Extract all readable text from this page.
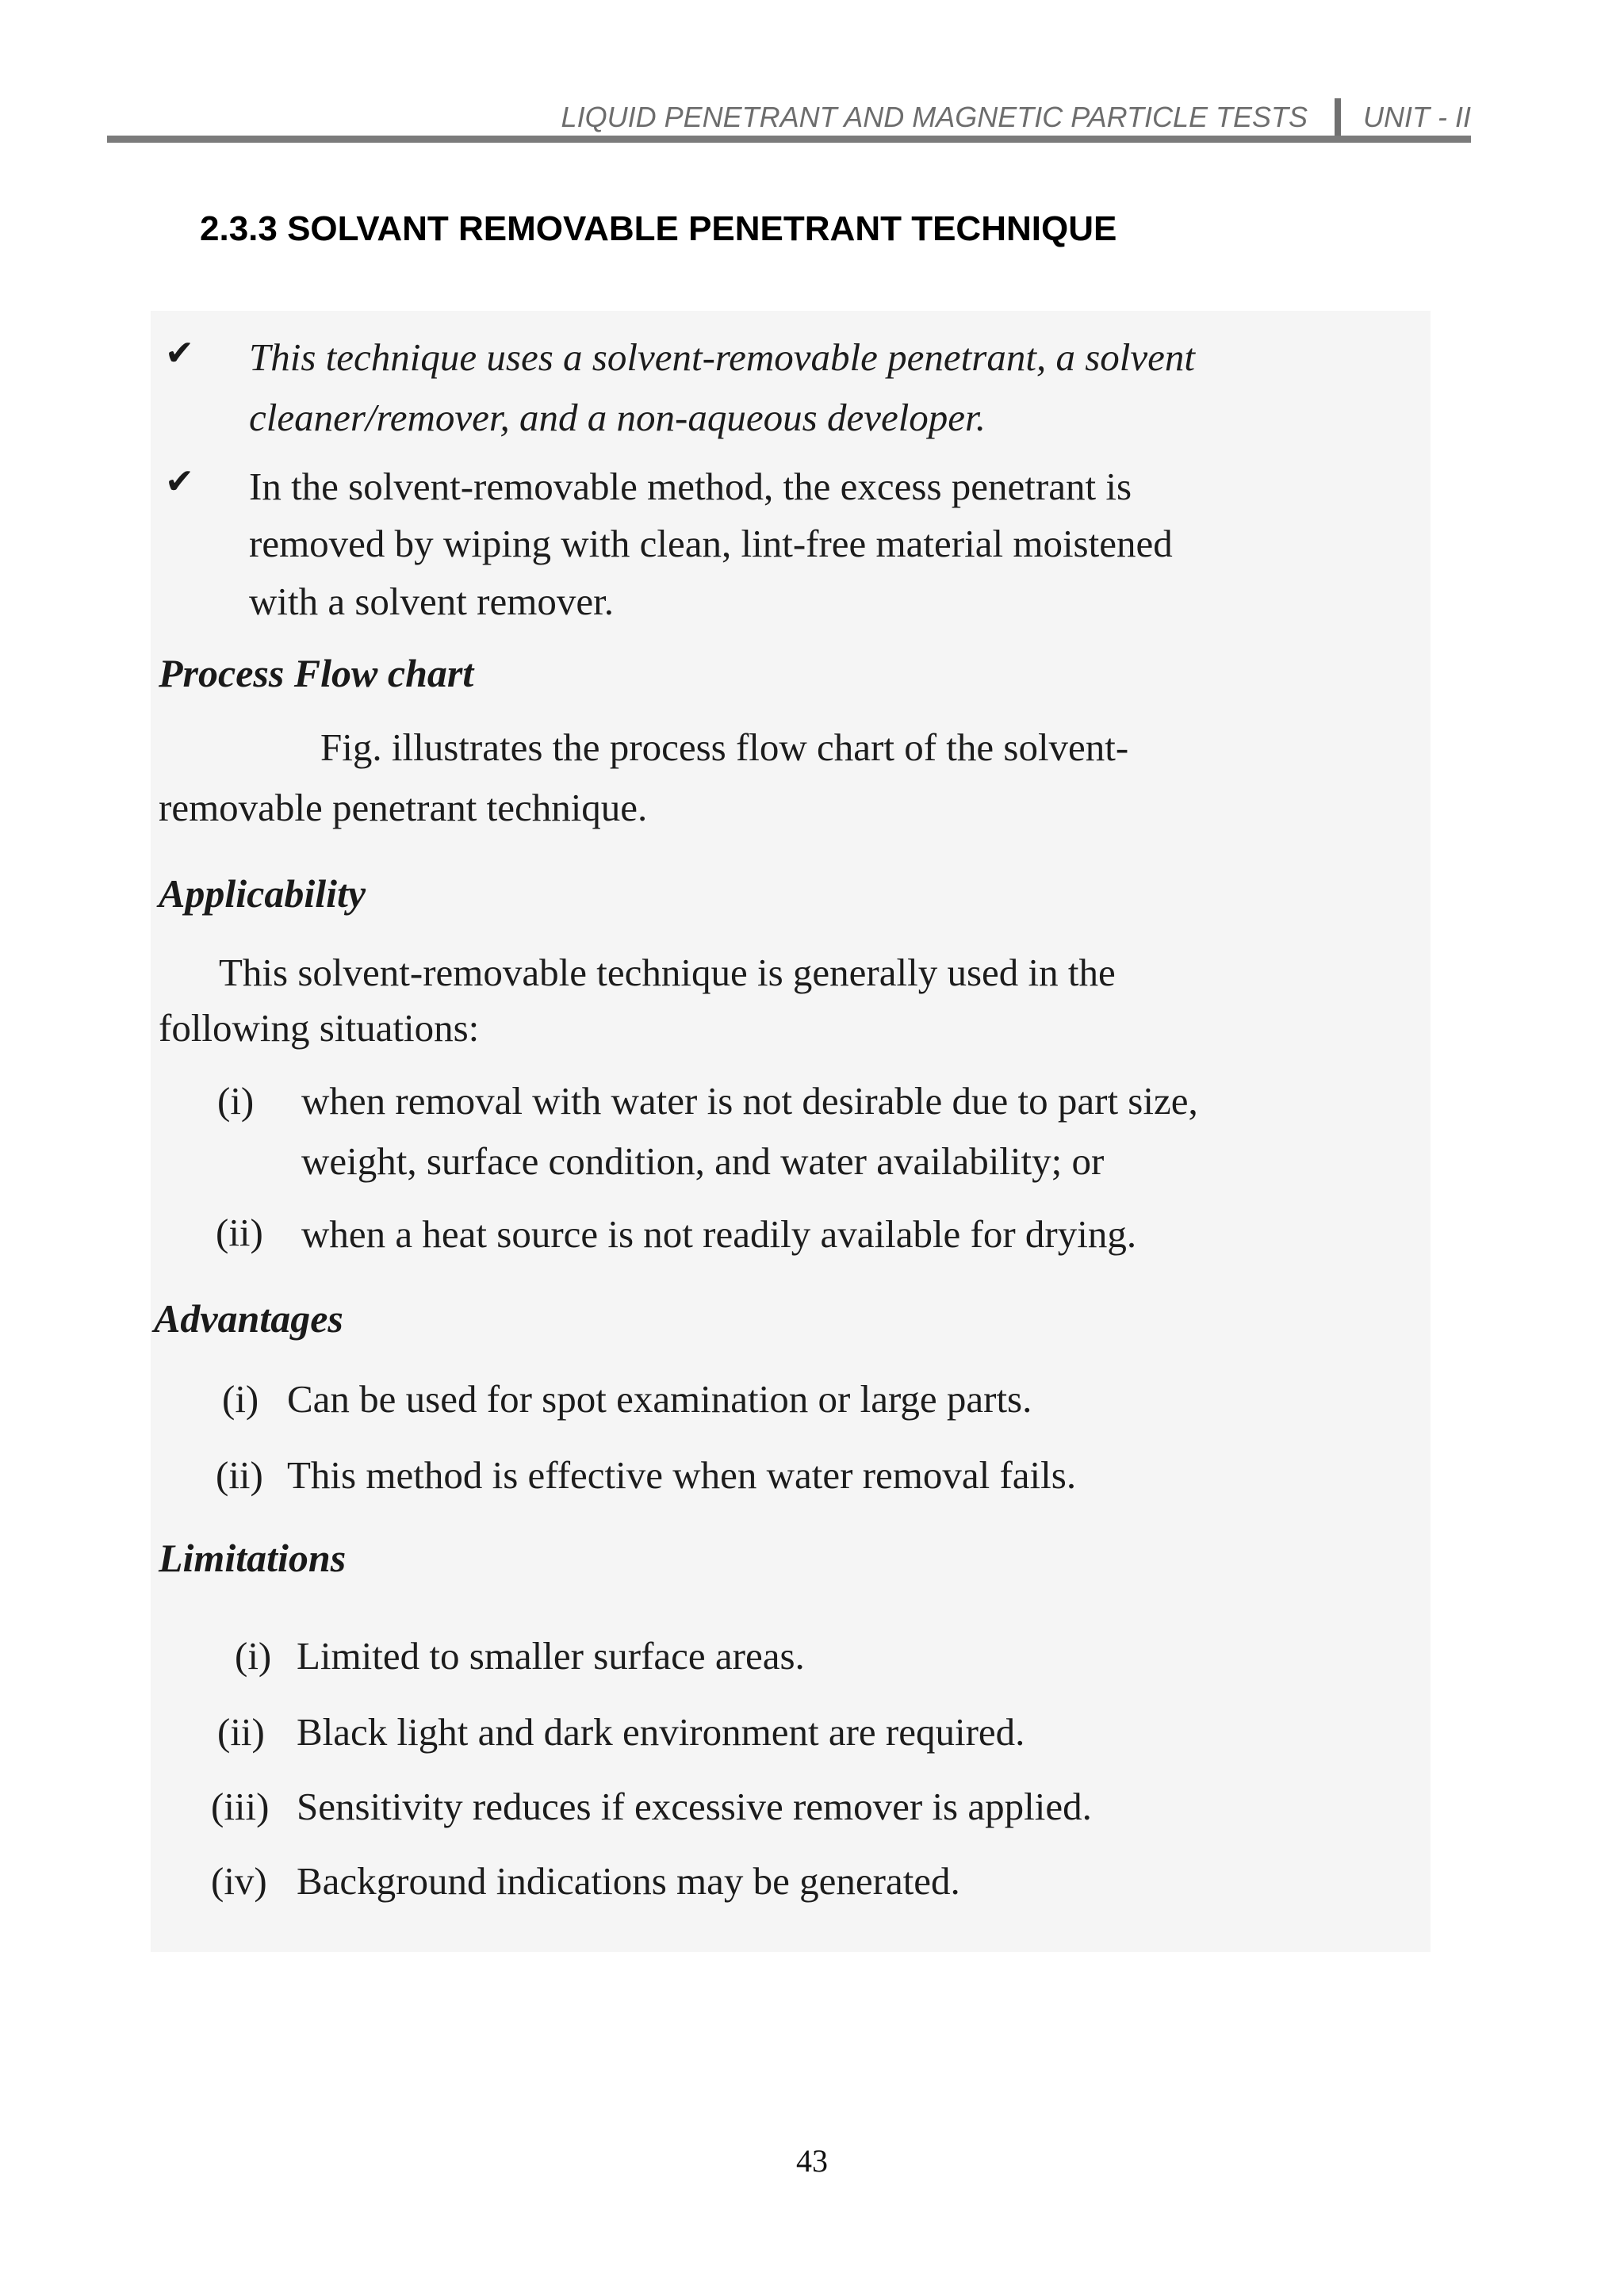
LIQUID PENETRANT AND MAGNETIC PARTICLE TESTS UNIT - II
2.3.3 SOLVANT REMOVABLE PENETRANT TECHNIQUE
✔ This technique uses a solvent-removable penetrant, a solvent
cleaner/remover, and a non-aqueous developer.
✔ In the solvent-removable method, the excess penetrant is
removed by wiping with clean, lint-free material moistened
with a solvent remover.
Process Flow chart
Fig. illustrates the process flow chart of the solvent-
removable penetrant technique.
Applicability
This solvent-removable technique is generally used in the
following situations:
(i) when removal with water is not desirable due to part size,
weight, surface condition, and water availability; or
(ii) when a heat source is not readily available for drying.
Advantages
(i) Can be used for spot examination or large parts.
(ii) This method is effective when water removal fails.
Limitations
(i) Limited to smaller surface areas.
(ii) Black light and dark environment are required.
(iii) Sensitivity reduces if excessive remover is applied.
(iv) Background indications may be generated.
43
